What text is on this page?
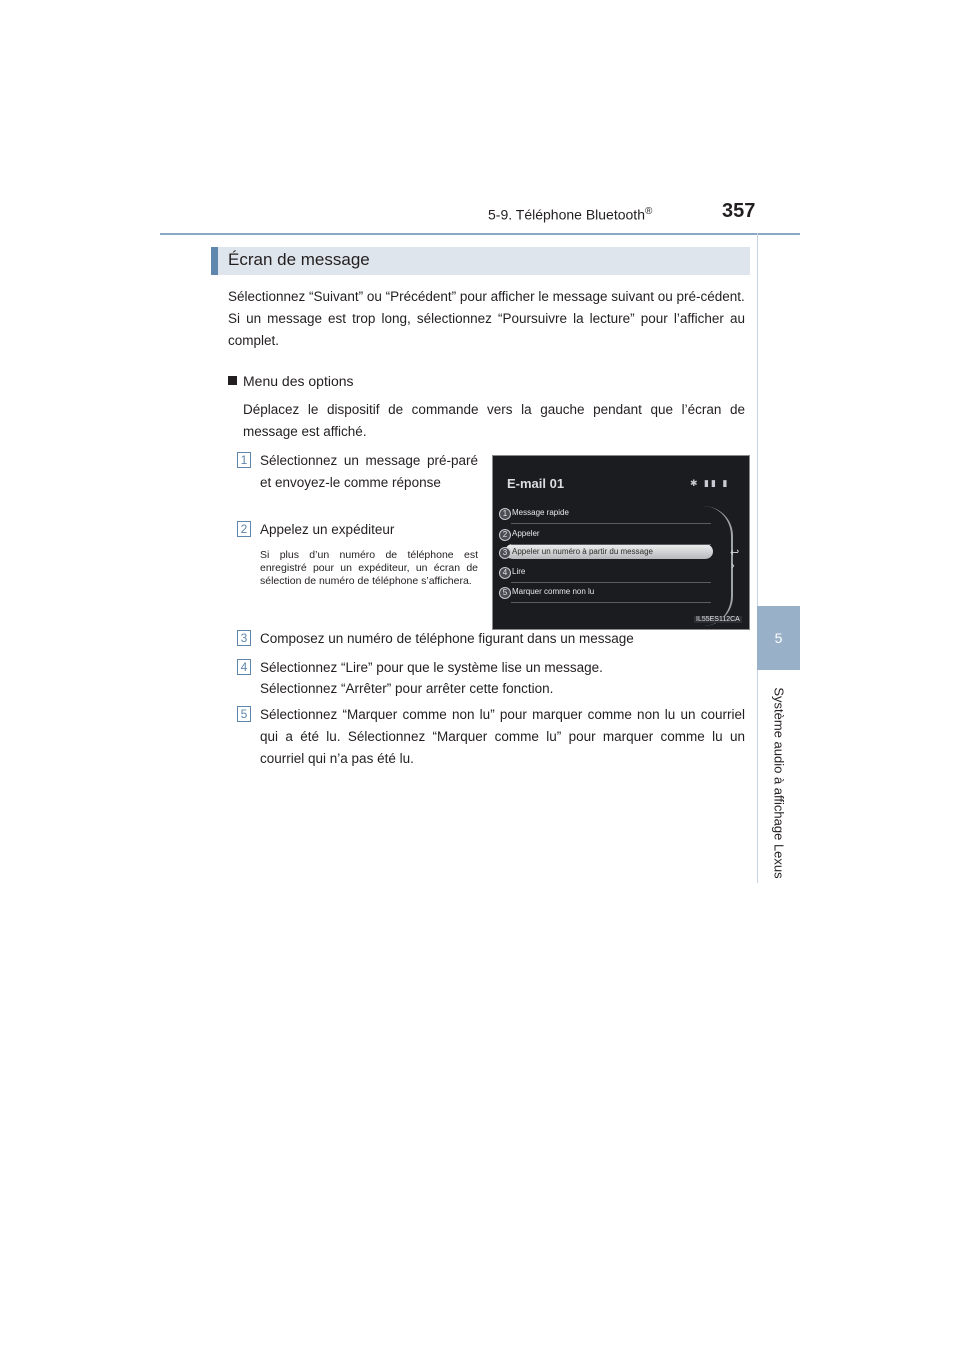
5-9. Téléphone Bluetooth®	357
5
Système audio à affichage Lexus
Écran de message

Sélectionnez “Suivant” ou “Précédent” pour afficher le message suivant ou pré-cédent.

Si un message est trop long, sélectionnez “Poursuivre la lecture” pour l’afficher au complet.

Menu des options
Déplacez le dispositif de commande vers la gauche pendant que l’écran de message est affiché.
1 Sélectionnez un message pré-paré et envoyez-le comme réponse
2 Appelez un expéditeur
Si plus d’un numéro de téléphone est enregistré pour un expéditeur, un écran de sélection de numéro de téléphone s’affichera.
E-mail 01	✱ ▮▮ ▮
1 Message rapide
2 Appeler
3 Appeler un numéro à partir du message
4 Lire
5 Marquer comme non lu
↩
›
IL55ES112CA
3 Composez un numéro de téléphone figurant dans un message
4 Sélectionnez “Lire” pour que le système lise un message.
Sélectionnez “Arrêter” pour arrêter cette fonction.
5 Sélectionnez “Marquer comme non lu” pour marquer comme non lu un courriel qui a été lu. Sélectionnez “Marquer comme lu” pour marquer comme lu un courriel qui n’a pas été lu.
